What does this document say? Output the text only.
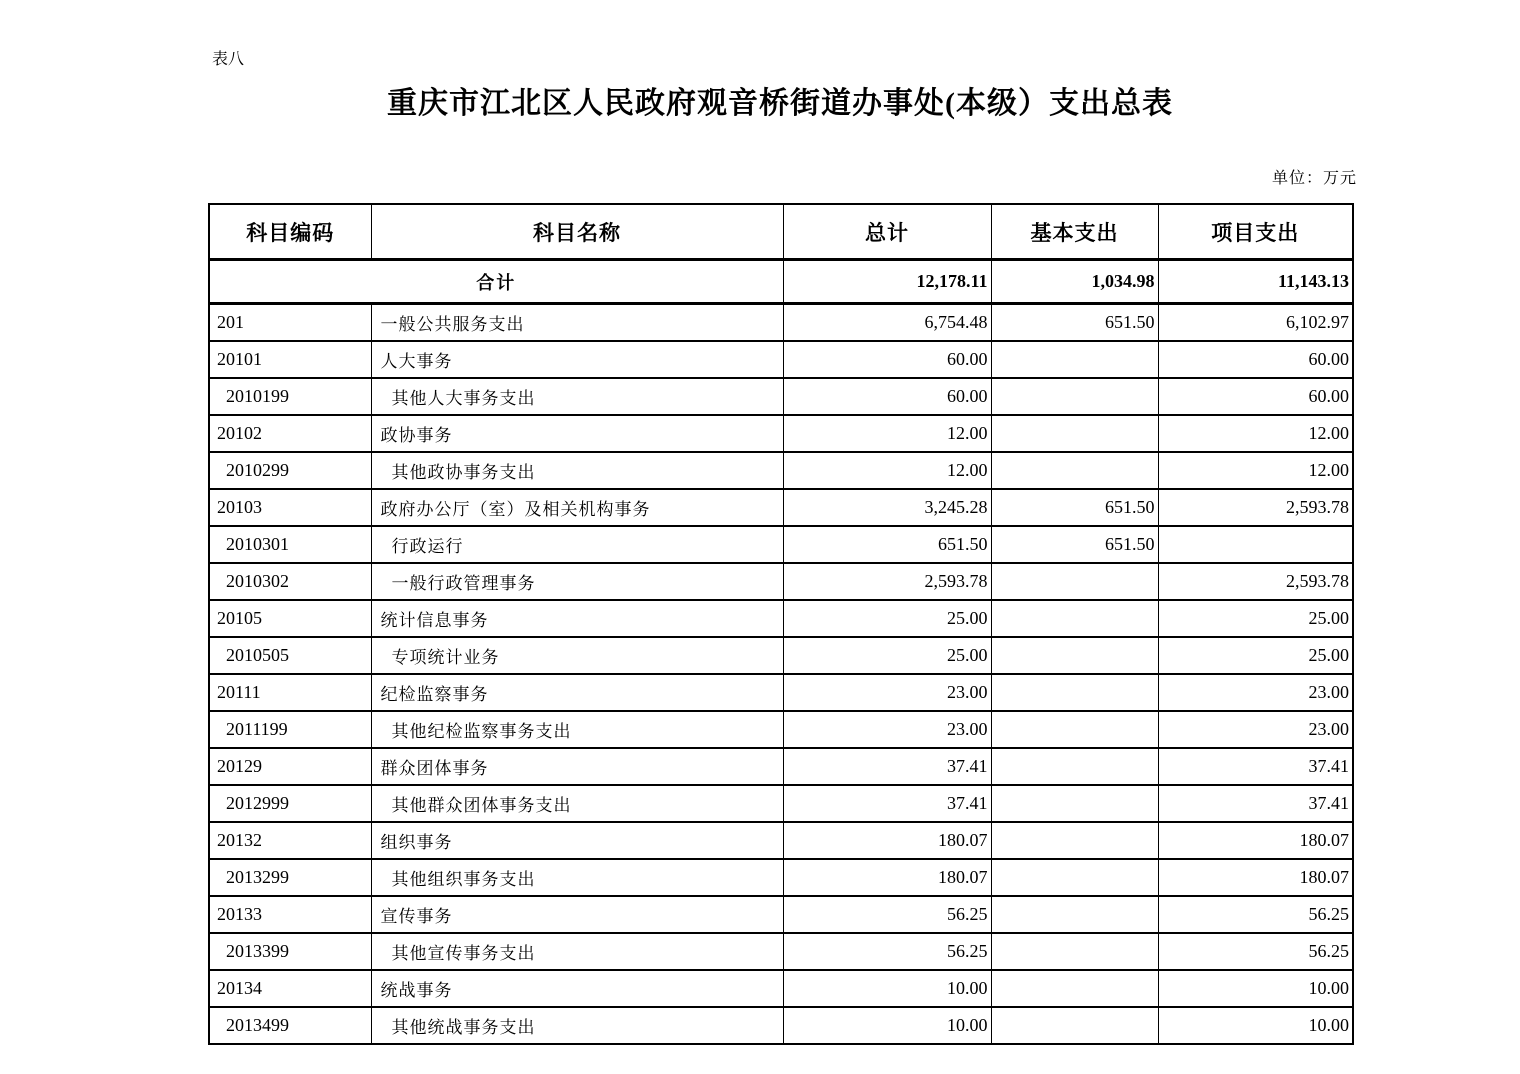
表八
重庆市江北区人民政府观音桥街道办事处(本级）支出总表
单位：万元
科目编码	科目名称	总计	基本支出	项目支出
合计		12,178.11	1,034.98	11,143.13
201	一般公共服务支出	6,754.48	651.50	6,102.97
20101	人大事务	60.00		60.00
2010199	其他人大事务支出	60.00		60.00
20102	政协事务	12.00		12.00
2010299	其他政协事务支出	12.00		12.00
20103	政府办公厅（室）及相关机构事务	3,245.28	651.50	2,593.78
2010301	行政运行	651.50	651.50	
2010302	一般行政管理事务	2,593.78		2,593.78
20105	统计信息事务	25.00		25.00
2010505	专项统计业务	25.00		25.00
20111	纪检监察事务	23.00		23.00
2011199	其他纪检监察事务支出	23.00		23.00
20129	群众团体事务	37.41		37.41
2012999	其他群众团体事务支出	37.41		37.41
20132	组织事务	180.07		180.07
2013299	其他组织事务支出	180.07		180.07
20133	宣传事务	56.25		56.25
2013399	其他宣传事务支出	56.25		56.25
20134	统战事务	10.00		10.00
2013499	其他统战事务支出	10.00		10.00
